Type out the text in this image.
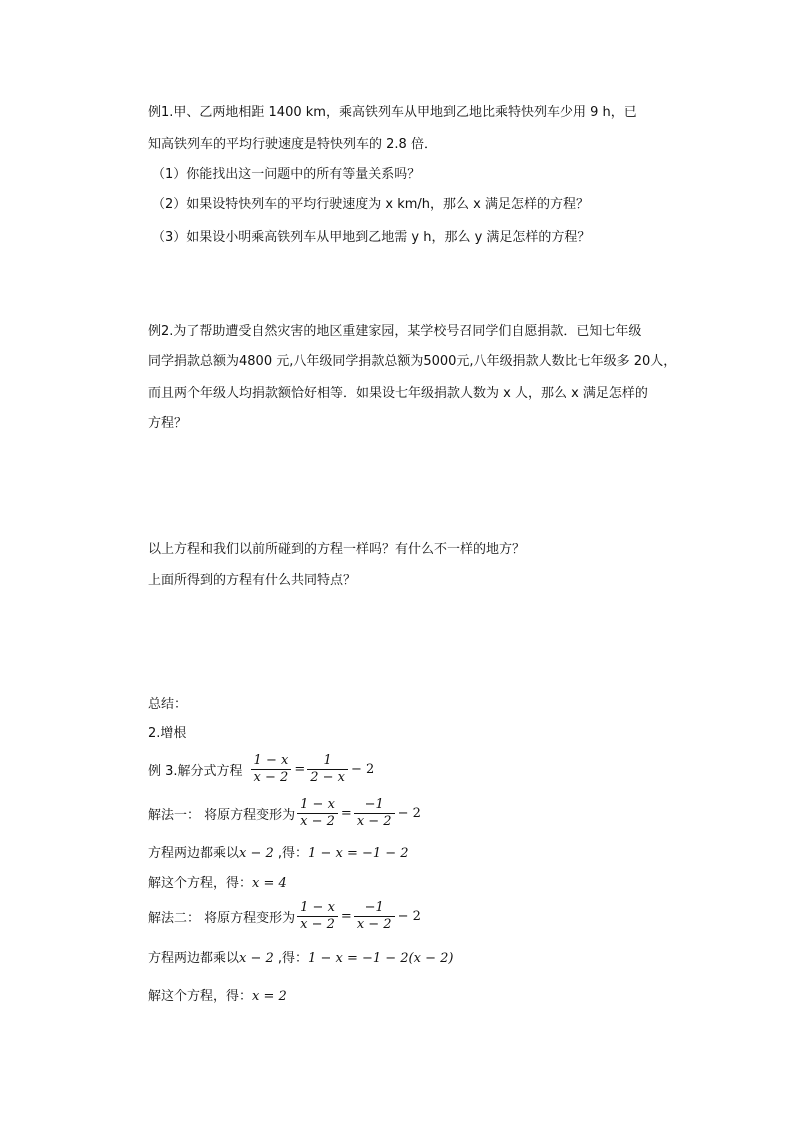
例1.甲、乙两地相距 1400 km，乘高铁列车从甲地到乙地比乘特快列车少用 9 h，已
知高铁列车的平均行驶速度是特快列车的 2.8 倍．
（1）你能找出这一问题中的所有等量关系吗？
（2）如果设特快列车的平均行驶速度为 x km/h，那么 x 满足怎样的方程？
（3）如果设小明乘高铁列车从甲地到乙地需 y h，那么 y 满足怎样的方程？
例2.为了帮助遭受自然灾害的地区重建家园，某学校号召同学们自愿捐款．已知七年级
同学捐款总额为4800 元,八年级同学捐款总额为5000元,八年级捐款人数比七年级多 20人，
而且两个年级人均捐款额恰好相等．如果设七年级捐款人数为 x 人，那么 x 满足怎样的
方程？
以上方程和我们以前所碰到的方程一样吗？有什么不一样的地方？
上面所得到的方程有什么共同特点？
总结：
2.增根
例 3.解分式方程 $\frac{1 - x}{x - 2} = \frac{1}{2 - x} - 2$
解法一： 将原方程变形为 $\frac{1 - x}{x - 2} = \frac{-1}{x - 2} - 2$
方程两边都乘以x − 2 ,得：1 − x = −1 − 2
解这个方程，得：x = 4
解法二： 将原方程变形为 $\frac{1 - x}{x - 2} = \frac{-1}{x - 2} - 2$
方程两边都乘以x − 2 ,得：1 − x = −1 − 2(x − 2)
解这个方程，得：x = 2
